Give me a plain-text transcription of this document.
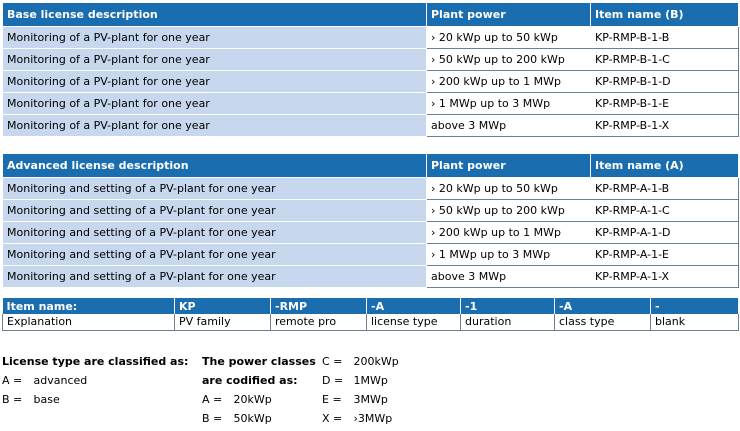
Base license description	Plant power	Item name (B)
Monitoring of a PV-plant for one year	› 20 kWp up to 50 kWp	KP-RMP-B-1-B
Monitoring of a PV-plant for one year	› 50 kWp up to 200 kWp	KP-RMP-B-1-C
Monitoring of a PV-plant for one year	› 200 kWp up to 1 MWp	KP-RMP-B-1-D
Monitoring of a PV-plant for one year	› 1 MWp up to 3 MWp	KP-RMP-B-1-E
Monitoring of a PV-plant for one year	above 3 MWp	KP-RMP-B-1-X
Advanced license description	Plant power	Item name (A)
Monitoring and setting of a PV-plant for one year	› 20 kWp up to 50 kWp	KP-RMP-A-1-B
Monitoring and setting of a PV-plant for one year	› 50 kWp up to 200 kWp	KP-RMP-A-1-C
Monitoring and setting of a PV-plant for one year	› 200 kWp up to 1 MWp	KP-RMP-A-1-D
Monitoring and setting of a PV-plant for one year	› 1 MWp up to 3 MWp	KP-RMP-A-1-E
Monitoring and setting of a PV-plant for one year	above 3 MWp	KP-RMP-A-1-X
Item name:	KP	-RMP	-A	-1	-A	-
Explanation	PV family	remote pro	license type	duration	class type	blank
License type are classified as:
A = advanced
B = base
The power classes
are codified as:
A = 20kWp
B = 50kWp
C = 200kWp
D = 1MWp
E = 3MWp
X = ›3MWp
